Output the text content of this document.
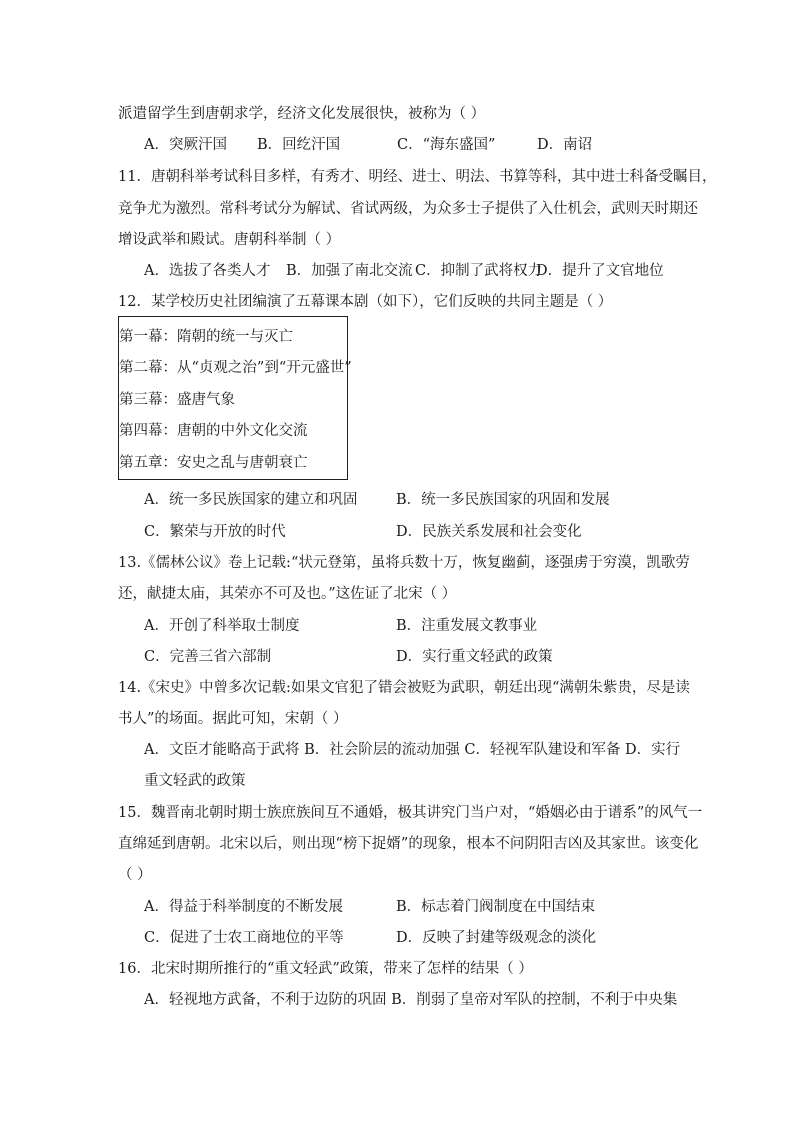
派遣留学生到唐朝求学，经济文化发展很快，被称为（ ）
A．突厥汗国 B．回纥汗国	C．“海东盛国”	D．南诏
11．唐朝科举考试科目多样，有秀才、明经、进士、明法、书算等科，其中进士科备受瞩目，
竞争尤为激烈。常科考试分为解试、省试两级，为众多士子提供了入仕机会，武则天时期还
增设武举和殿试。唐朝科举制（ ）
A．选拔了各类人才 B．加强了南北交流 C．抑制了武将权力
D．提升了文官地位
12．某学校历史社团编演了五幕课本剧（如下），它们反映的共同主题是（ ）
第一幕：隋朝的统一与灭亡
第二幕：从“贞观之治”到“开元盛世”
第三幕：盛唐气象
第四幕：唐朝的中外文化交流
第五章：安史之乱与唐朝衰亡
A．统一多民族国家的建立和巩固	B．统一多民族国家的巩固和发展
C．繁荣与开放的时代	D．民族关系发展和社会变化
13.《儒林公议》卷上记载:“状元登第，虽将兵数十万，恢复幽蓟，逐强虏于穷漠，凯歌劳
还，献捷太庙，其荣亦不可及也。”这佐证了北宋（ ）
A．开创了科举取士制度	B．注重发展文教事业
C．完善三省六部制	D．实行重文轻武的政策
14.《宋史》中曾多次记载:如果文官犯了错会被贬为武职，朝廷出现“满朝朱紫贵，尽是读
书人”的场面。据此可知，宋朝（ ）
A．文臣才能略高于武将 B．社会阶层的流动加强 C．轻视军队建设和军备 D．实行
重文轻武的政策
15．魏晋南北朝时期士族庶族间互不通婚，极其讲究门当户对，“婚姻必由于谱系”的风气一
直绵延到唐朝。北宋以后，则出现“榜下捉婿”的现象，根本不问阴阳吉凶及其家世。该变化
（ ）
A．得益于科举制度的不断发展	B．标志着门阀制度在中国结束
C．促进了士农工商地位的平等	D．反映了封建等级观念的淡化
16．北宋时期所推行的“重文轻武”政策，带来了怎样的结果（ ）
A．轻视地方武备，不利于边防的巩固 B．削弱了皇帝对军队的控制，不利于中央集
